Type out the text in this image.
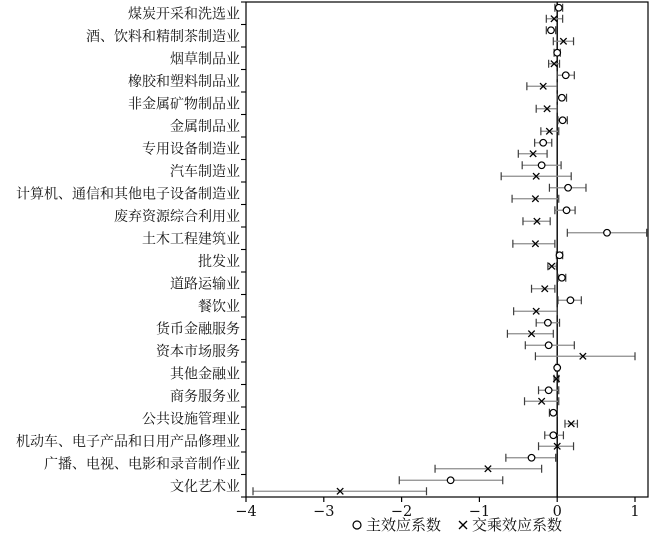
−4	−3	−2	−1	0	1
煤炭开采和洗选业
酒、饮料和精制茶制造业
烟草制品业
橡胶和塑料制品业
非金属矿物制品业
金属制品业
专用设备制造业
汽车制造业
计算机、通信和其他电子设备制造业
废弃资源综合利用业
土木工程建筑业
批发业
道路运输业
餐饮业
货币金融服务
资本市场服务
其他金融业
商务服务业
公共设施管理业
机动车、电子产品和日用产品修理业
广播、电视、电影和录音制作业
文化艺术业
主效应系数 交乘效应系数
